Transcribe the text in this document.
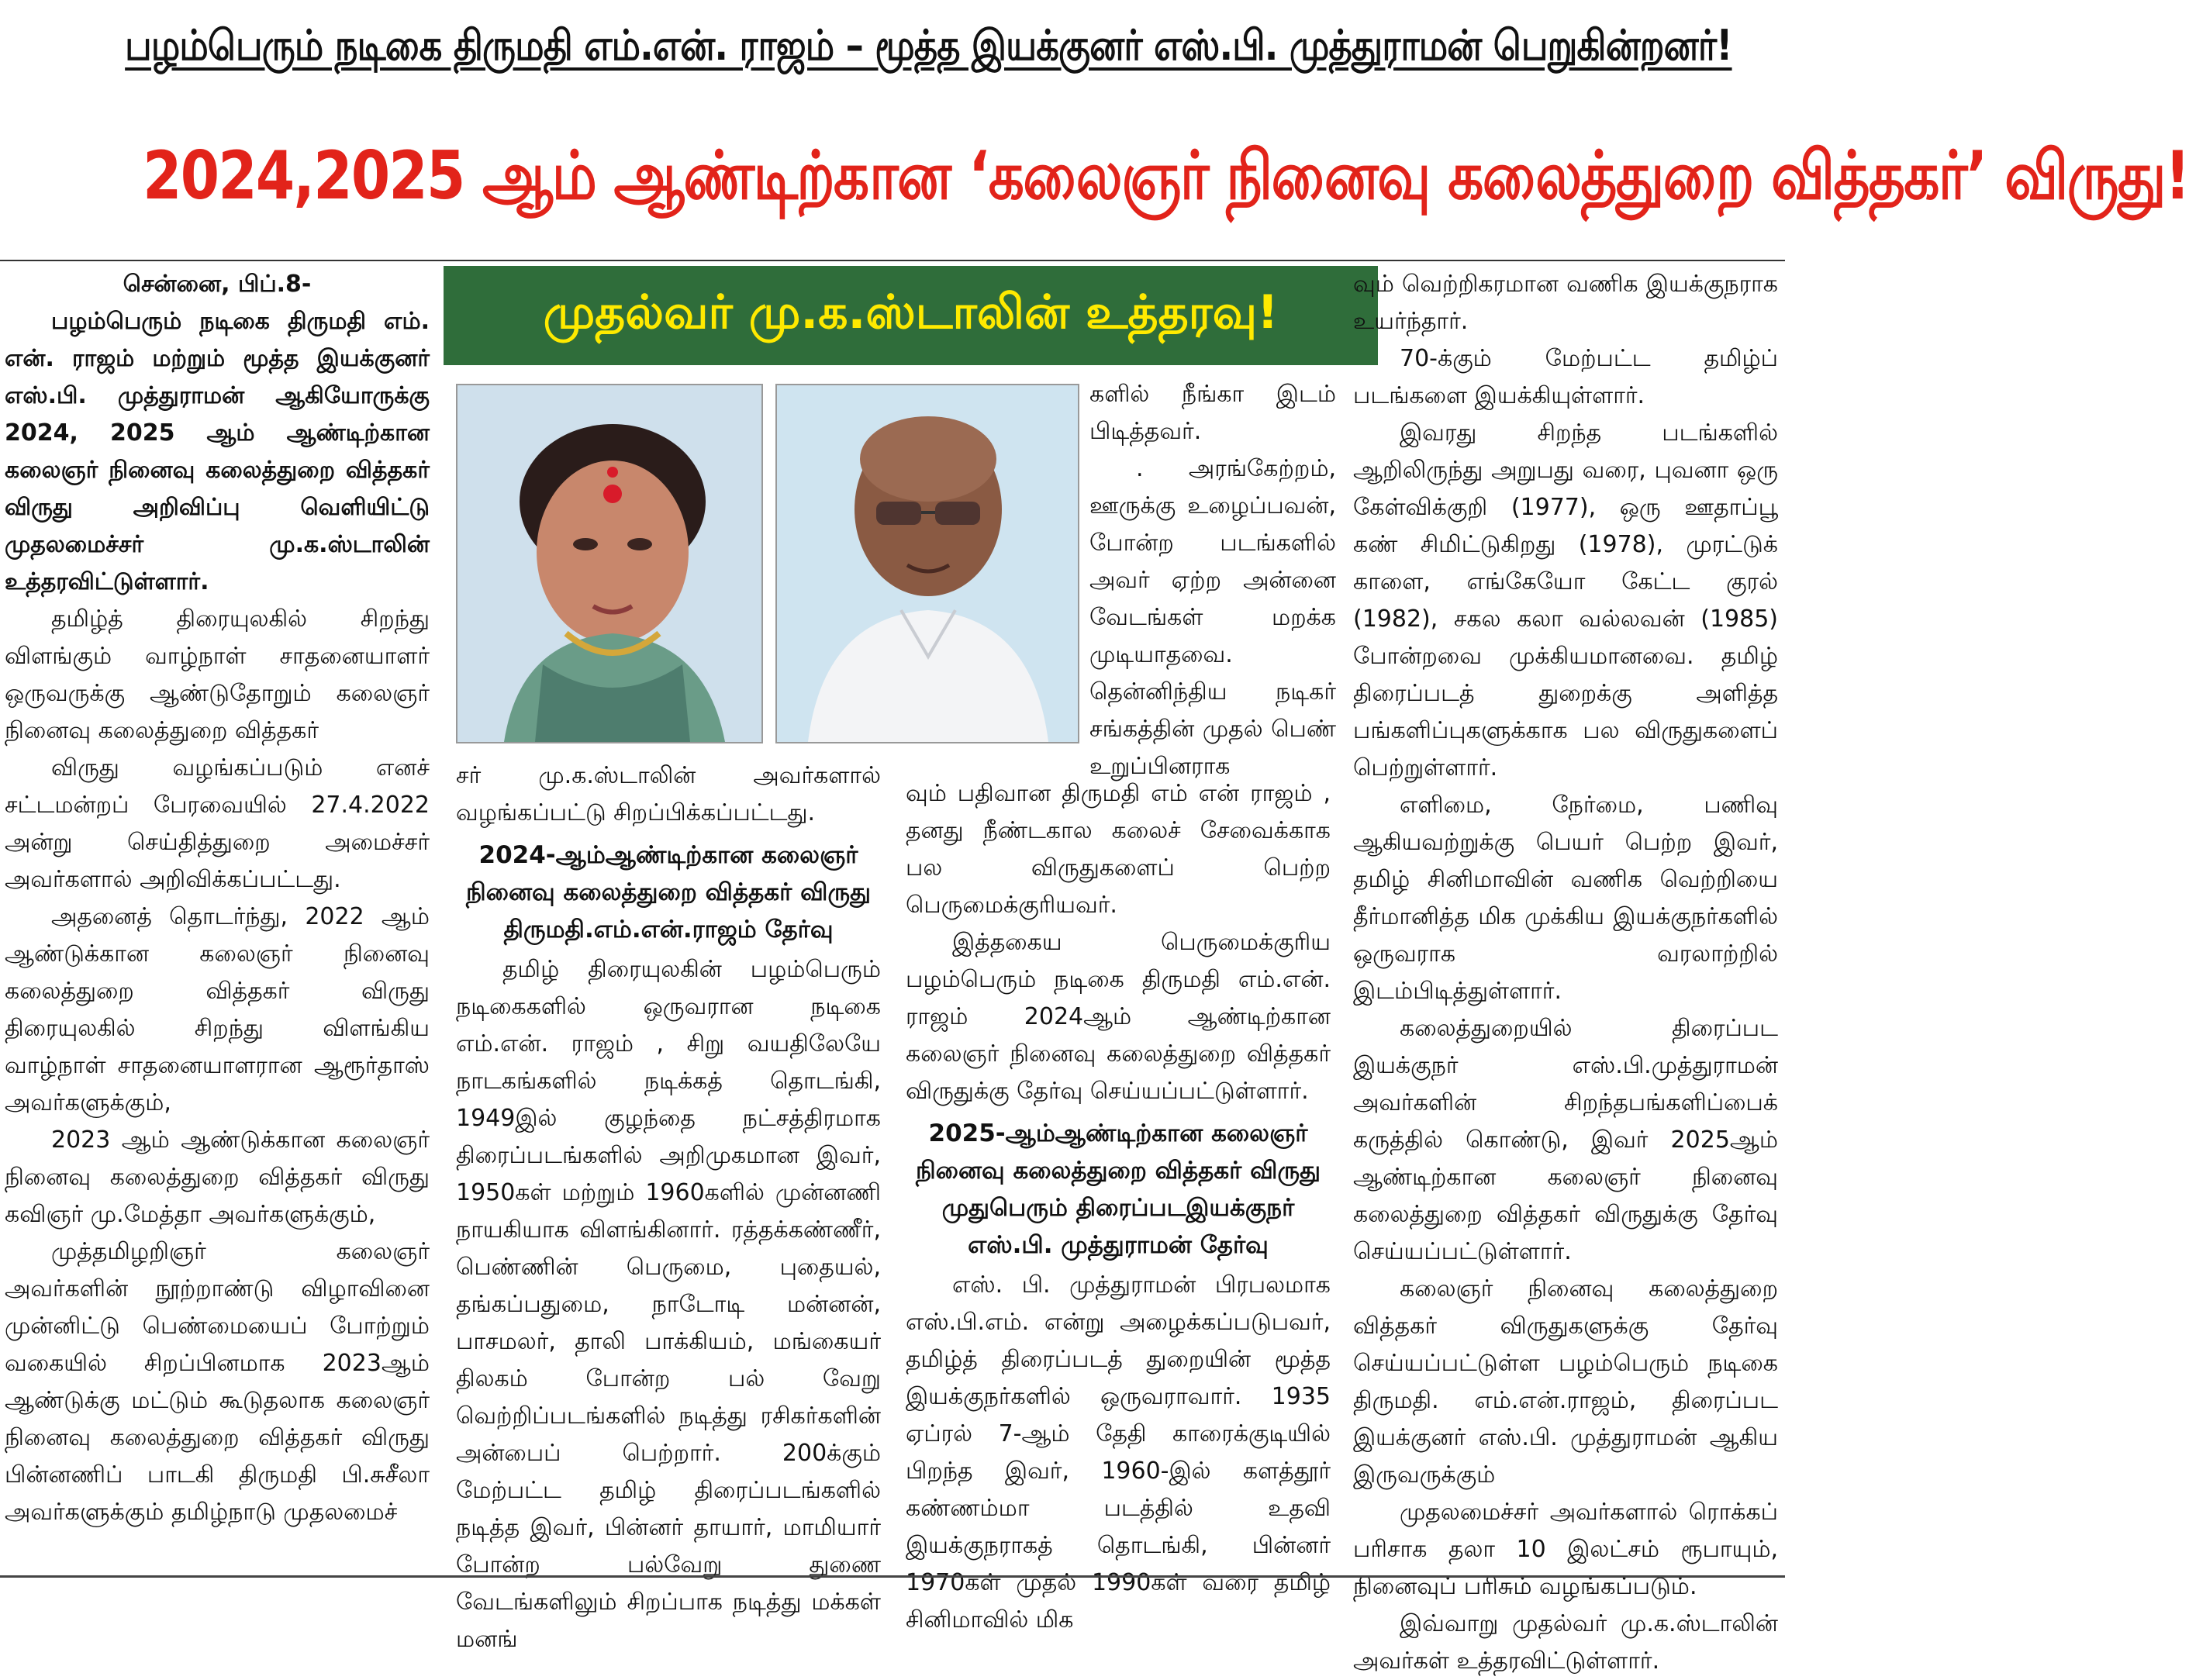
பழம்பெரும் நடிகை திருமதி எம்.என். ராஜம் – மூத்த இயக்குனர் எஸ்.பி. முத்துராமன் பெறுகின்றனர்!
2024,2025 ஆம் ஆண்டிற்கான ‘கலைஞர் நினைவு கலைத்துறை வித்தகர்’ விருது!
முதல்வர் மு.க.ஸ்டாலின் உத்தரவு!

சென்னை, பிப்.8-

பழம்பெரும் நடிகை திருமதி எம். என். ராஜம் மற்றும் மூத்த இயக்குனர் எஸ்.பி. முத்துராமன் ஆகியோருக்கு 2024, 2025 ஆம் ஆண்டிற்கான கலைஞர் நினைவு கலைத்துறை வித்தகர் விருது அறிவிப்பு வெளியிட்டு முதலமைச்சர் மு.க.ஸ்டாலின் உத்தரவிட்டுள்ளார்.

தமிழ்த் திரையுலகில் சிறந்து விளங்கும் வாழ்நாள் சாதனையாளர் ஒருவருக்கு ஆண்டுதோறும் கலைஞர் நினைவு கலைத்துறை வித்தகர்

விருது வழங்கப்படும் எனச் சட்டமன்றப் பேரவையில் 27.4.2022 அன்று செய்தித்துறை அமைச்சர் அவர்களால் அறிவிக்கப்பட்டது.

அதனைத் தொடர்ந்து, 2022 ஆம் ஆண்டுக்கான கலைஞர் நினைவு கலைத்துறை வித்தகர் விருது திரையுலகில் சிறந்து விளங்கிய வாழ்நாள் சாதனையாளரான ஆரூர்தாஸ் அவர்களுக்கும்,

2023 ஆம் ஆண்டுக்கான கலைஞர் நினைவு கலைத்துறை வித்தகர் விருது கவிஞர் மு.மேத்தா அவர்களுக்கும்,

முத்தமிழறிஞர் கலைஞர் அவர்களின் நூற்றாண்டு விழாவினை முன்னிட்டு பெண்மையைப் போற்றும் வகையில் சிறப்பினமாக 2023ஆம் ஆண்டுக்கு மட்டும் கூடுதலாக கலைஞர் நினைவு கலைத்துறை வித்தகர் விருது பின்னணிப் பாடகி திருமதி பி.சுசீலா அவர்களுக்கும் தமிழ்நாடு முதலமைச்

சர் மு.க.ஸ்டாலின் அவர்களால் வழங்கப்பட்டு சிறப்பிக்கப்பட்டது.

2024-ஆம்ஆண்டிற்கான கலைஞர் நினைவு கலைத்துறை வித்தகர் விருது திருமதி.எம்.என்.ராஜம் தேர்வு

தமிழ் திரையுலகின் பழம்பெரும் நடிகைகளில் ஒருவரான நடிகை எம்.என். ராஜம் , சிறு வயதிலேயே நாடகங்களில் நடிக்கத் தொடங்கி, 1949இல் குழந்தை நட்சத்திரமாக திரைப்படங்களில் அறிமுகமான இவர், 1950கள் மற்றும் 1960களில் முன்னணி நாயகியாக விளங்கினார். ரத்தக்கண்ணீர், பெண்ணின் பெருமை, புதையல், தங்கப்பதுமை, நாடோடி மன்னன், பாசமலர், தாலி பாக்கியம், மங்கையர் திலகம் போன்ற பல் வேறு வெற்றிப்படங்களில் நடித்து ரசிகர்களின் அன்பைப் பெற்றார். 200க்கும் மேற்பட்ட தமிழ் திரைப்படங்களில் நடித்த இவர், பின்னர் தாயார், மாமியார் போன்ற பல்வேறு துணை வேடங்களிலும் சிறப்பாக நடித்து மக்கள் மனங்

களில் நீங்கா இடம் பிடித்தவர்.

. அரங்கேற்றம், ஊருக்கு உழைப்பவன், போன்ற படங்களில் அவர் ஏற்ற அன்னை வேடங்கள் மறக்க முடியாதவை. தென்னிந்திய நடிகர் சங்கத்தின் முதல் பெண் உறுப்பினராக

வும் பதிவான திருமதி எம் என் ராஜம் , தனது நீண்டகால கலைச் சேவைக்காக பல விருதுகளைப் பெற்ற பெருமைக்குரியவர்.

இத்தகைய பெருமைக்குரிய பழம்பெரும் நடிகை திருமதி எம்.என். ராஜம் 2024ஆம் ஆண்டிற்கான கலைஞர் நினைவு கலைத்துறை வித்தகர் விருதுக்கு தேர்வு செய்யப்பட்டுள்ளார்.

2025-ஆம்ஆண்டிற்கான கலைஞர் நினைவு கலைத்துறை வித்தகர் விருது முதுபெரும் திரைப்படஇயக்குநர் எஸ்.பி. முத்துராமன் தேர்வு

எஸ். பி. முத்துராமன் பிரபலமாக எஸ்.பி.எம். என்று அழைக்கப்படுபவர், தமிழ்த் திரைப்படத் துறையின் மூத்த இயக்குநர்களில் ஒருவராவார். 1935 ஏப்ரல் 7-ஆம் தேதி காரைக்குடியில் பிறந்த இவர், 1960-இல் களத்தூர் கண்ணம்மா படத்தில் உதவி இயக்குநராகத் தொடங்கி, பின்னர் 1970கள் முதல் 1990கள் வரை தமிழ் சினிமாவில் மிக

வும் வெற்றிகரமான வணிக இயக்குநராக உயர்ந்தார்.

70-க்கும் மேற்பட்ட தமிழ்ப் படங்களை இயக்கியுள்ளார்.

இவரது சிறந்த படங்களில் ஆறிலிருந்து அறுபது வரை, புவனா ஒரு கேள்விக்குறி (1977), ஒரு ஊதாப்பூ கண் சிமிட்டுகிறது (1978), முரட்டுக் காளை, எங்கேயோ கேட்ட குரல் (1982), சகல கலா வல்லவன் (1985) போன்றவை முக்கியமானவை. தமிழ் திரைப்படத் துறைக்கு அளித்த பங்களிப்புகளுக்காக பல விருதுகளைப் பெற்றுள்ளார்.

எளிமை, நேர்மை, பணிவு ஆகியவற்றுக்கு பெயர் பெற்ற இவர், தமிழ் சினிமாவின் வணிக வெற்றியை தீர்மானித்த மிக முக்கிய இயக்குநர்களில் ஒருவராக வரலாற்றில் இடம்பிடித்துள்ளார்.

கலைத்துறையில் திரைப்பட இயக்குநர் எஸ்.பி.முத்துராமன் அவர்களின் சிறந்தபங்களிப்பைக் கருத்தில் கொண்டு, இவர் 2025ஆம் ஆண்டிற்கான கலைஞர் நினைவு கலைத்துறை வித்தகர் விருதுக்கு தேர்வு செய்யப்பட்டுள்ளார்.

கலைஞர் நினைவு கலைத்துறை வித்தகர் விருதுகளுக்கு தேர்வு செய்யப்பட்டுள்ள பழம்பெரும் நடிகை திருமதி. எம்.என்.ராஜம், திரைப்பட இயக்குனர் எஸ்.பி. முத்துராமன் ஆகிய இருவருக்கும்

முதலமைச்சர் அவர்களால் ரொக்கப் பரிசாக தலா 10 இலட்சம் ரூபாயும், நினைவுப் பரிசும் வழங்கப்படும்.

இவ்வாறு முதல்வர் மு.க.ஸ்டாலின் அவர்கள் உத்தரவிட்டுள்ளார்.
